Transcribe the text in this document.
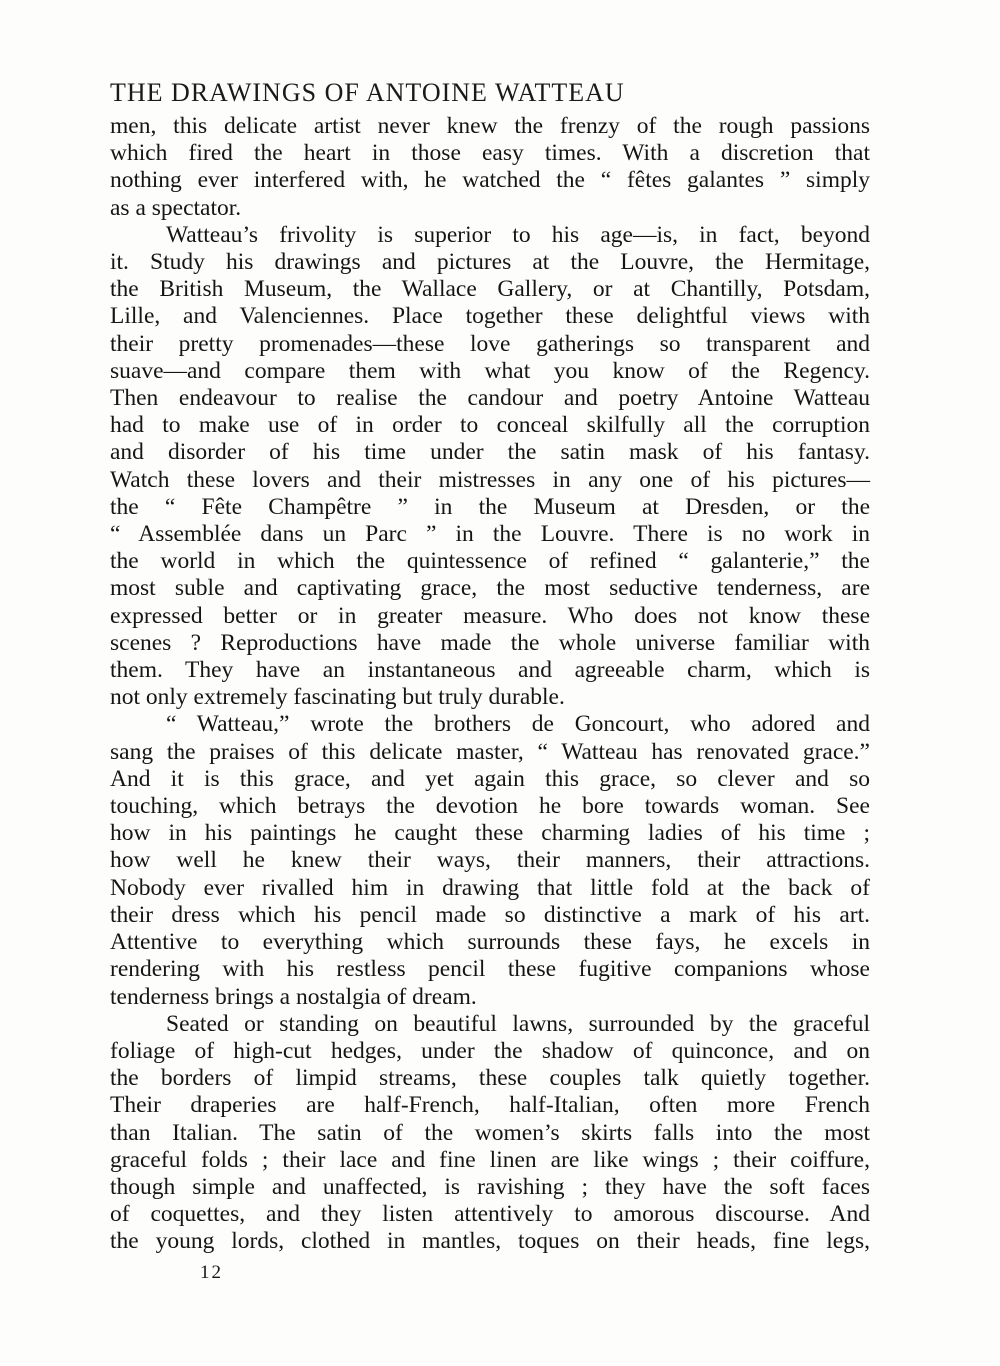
THE DRAWINGS OF ANTOINE WATTEAU

men, this delicate artist never knew the frenzy of the rough passions

which fired the heart in those easy times. With a discretion that

nothing ever interfered with, he watched the “ fêtes galantes ” simply

as a spectator.

Watteau’s frivolity is superior to his age—is, in fact, beyond

it. Study his drawings and pictures at the Louvre, the Hermitage,

the British Museum, the Wallace Gallery, or at Chantilly, Potsdam,

Lille, and Valenciennes. Place together these delightful views with

their pretty promenades—these love gatherings so transparent and

suave—and compare them with what you know of the Regency.

Then endeavour to realise the candour and poetry Antoine Watteau

had to make use of in order to conceal skilfully all the corruption

and disorder of his time under the satin mask of his fantasy.

Watch these lovers and their mistresses in any one of his pictures—

the “ Fête Champêtre ” in the Museum at Dresden, or the

“ Assemblée dans un Parc ” in the Louvre. There is no work in

the world in which the quintessence of refined “ galanterie,” the

most suble and captivating grace, the most seductive tenderness, are

expressed better or in greater measure. Who does not know these

scenes ? Reproductions have made the whole universe familiar with

them. They have an instantaneous and agreeable charm, which is

not only extremely fascinating but truly durable.

“ Watteau,” wrote the brothers de Goncourt, who adored and

sang the praises of this delicate master, “ Watteau has renovated grace.”

And it is this grace, and yet again this grace, so clever and so

touching, which betrays the devotion he bore towards woman. See

how in his paintings he caught these charming ladies of his time ;

how well he knew their ways, their manners, their attractions.

Nobody ever rivalled him in drawing that little fold at the back of

their dress which his pencil made so distinctive a mark of his art.

Attentive to everything which surrounds these fays, he excels in

rendering with his restless pencil these fugitive companions whose

tenderness brings a nostalgia of dream.

Seated or standing on beautiful lawns, surrounded by the graceful

foliage of high-cut hedges, under the shadow of quinconce, and on

the borders of limpid streams, these couples talk quietly together.

Their draperies are half-French, half-Italian, often more French

than Italian. The satin of the women’s skirts falls into the most

graceful folds ; their lace and fine linen are like wings ; their coiffure,

though simple and unaffected, is ravishing ; they have the soft faces

of coquettes, and they listen attentively to amorous discourse. And

the young lords, clothed in mantles, toques on their heads, fine legs,

12
